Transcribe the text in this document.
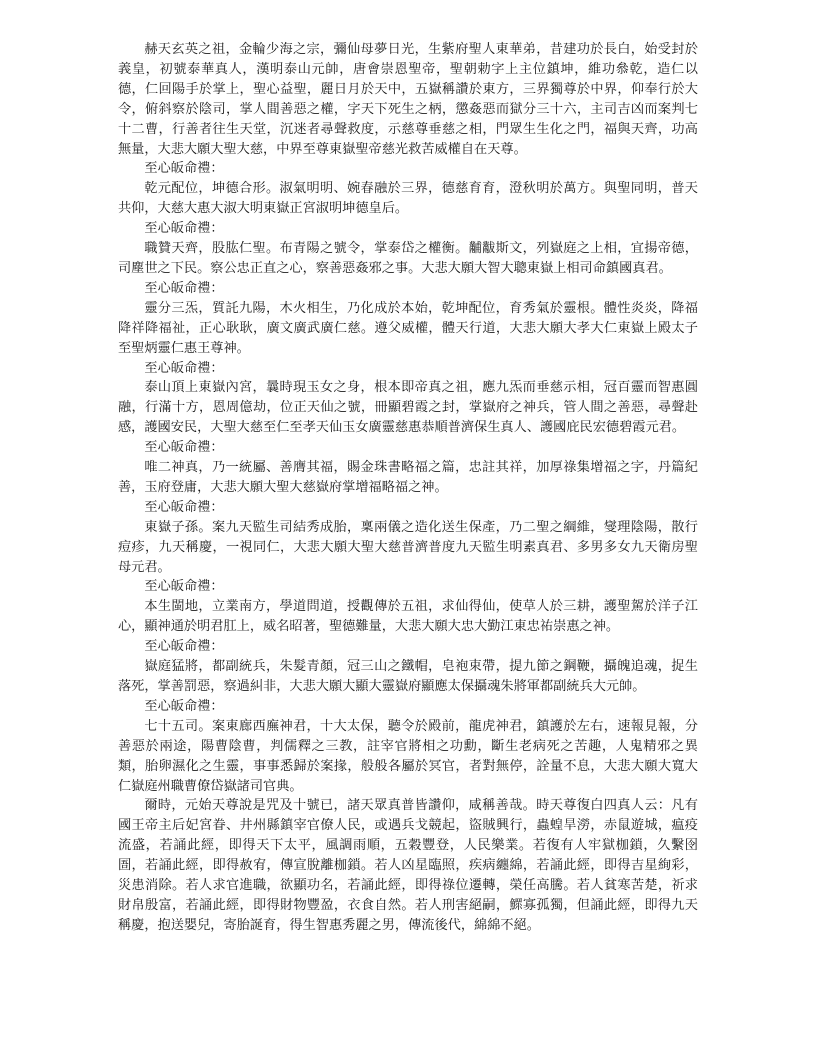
赫天玄英之祖，金輪少海之宗，彌仙母夢日光，生紫府聖人東華弟，昔建功於長白，始受封於義皇，初號泰華真人，漢明泰山元帥，唐會崇恩聖帝，聖朝勅字上主位鎮坤，維功叅乾，造仁以德，仁回陽手於掌上，聖心益聖，麗日月於天中，五嶽稱讚於東方，三界獨尊於中界，仰奉行於大令，俯斜察於陰司，掌人間善惡之權，字天下死生之柄，懲姦惡而獄分三十六，主司吉凶而案判七十二曹，行善者往生天堂，沉迷者尋聲救度，示慈尊垂慈之相，門眾生生化之門，福與天齊，功高無量，大悲大願大聖大慈，中界至尊東嶽聖帝慈光救苦威權自在天尊。

至心皈命禮：

乾元配位，坤德合形。淑氣明明、婉春融於三界，德慈育育，澄秋明於萬方。與聖同明，普天共仰，大慈大惠大淑大明東嶽正宮淑明坤德皇后。

至心皈命禮：

職贊天齊，股肱仁聖。布青陽之號令，掌泰岱之權衡。黼黻斯文，列嶽庭之上相，宜揚帝德，司塵世之下民。察公忠正直之心，察善惡姦邪之事。大悲大願大智大聰東嶽上相司命鎮國真君。

至心皈命禮：

靈分三炁，質託九陽，木火相生，乃化成於本始，乾坤配位，育秀氣於靈根。體性炎炎，降福降祥降福祉，正心耿耿，廣文廣武廣仁慈。遵父威權，體天行道，大悲大願大孝大仁東嶽上殿太子至聖炳靈仁惠王尊神。

至心皈命禮：

泰山頂上東嶽內宮，曩時現玉女之身，根本即帝真之祖，應九炁而垂慈示相，冠百靈而智惠圓融，行滿十方，恩周億劫，位正天仙之號，冊顯碧霞之封，掌嶽府之神兵，管人間之善惡，尋聲赴感，護國安民，大聖大慈至仁至孝天仙玉女廣靈慈惠恭順普濟保生真人、護國庇民宏德碧霞元君。

至心皈命禮：

唯二神真，乃一統屬、善膺其福，賜金珠書略福之篇，忠註其祥，加厚祿集增福之字，丹篇紀善，玉府登庸，大悲大願大聖大慈嶽府掌增福略福之神。

至心皈命禮：

東嶽子孫。案九天監生司結秀成胎，稟兩儀之造化送生保產，乃二聖之綱維，燮理陰陽，散行痘疹，九天稱慶，一視同仁，大悲大願大聖大慈普濟普度九天監生明素真君、多男多女九天衛房聖母元君。

至心皈命禮：

本生閩地，立業南方，學道問道，授觀傳於五祖，求仙得仙，使草人於三耕，護聖駕於洋子江心，顯神通於明君肛上，威名昭著，聖德難量，大悲大願大忠大勤江東忠祐崇惠之神。

至心皈命禮：

嶽庭猛將，都副統兵，朱髮青顏，冠三山之鐵帽，皂袍束帶，提九節之鋼鞭，攝魄追魂，捉生落死，掌善罰惡，察過糾非，大悲大願大顯大靈嶽府顯應太保攝魂朱將軍都副統兵大元帥。

至心皈命禮：

七十五司。案東廊西廡神君，十大太保，聽令於殿前，龍虎神君，鎮護於左右，速報見報，分善惡於兩途，陽曹陰曹，判儒釋之三教，註宰官將相之功勳，斷生老病死之苦趣，人鬼精邪之異類，胎卵濕化之生靈，事事悉歸於案掾，般般各屬於冥官，者對無停，詮量不息，大悲大願大寬大仁嶽庭州職曹僚岱嶽諸司官典。

爾時，元始天尊說是咒及十號已，諸天眾真普皆讚仰，咸稱善哉。時天尊復白四真人云：凡有國王帝主后妃宮眷、井州縣鎮宰官僚人民，或遇兵戈競起，盜賊興行，蟲蝗旱澇，赤鼠遊城，瘟疫流盛，若誦此經，即得天下太平，風調雨順，五穀豐登，人民樂業。若復有人牢獄枷鎖，久繫囹圄，若誦此經，即得赦宥，傳宣脫離枷鎖。若人凶星臨照，疾病纏綿，若誦此經，即得吉星絢彩，災患消除。若人求官進職，欲顯功名，若誦此經，即得祿位遷轉，榮任高騰。若人貧寒苦楚，祈求財帛殷富，若誦此經，即得財物豐盈，衣食自然。若人刑害絕嗣，鰥寡孤獨，但誦此經，即得九天稱慶，抱送嬰兒，寄胎誕育，得生智惠秀麗之男，傳流後代，綿綿不絕。
